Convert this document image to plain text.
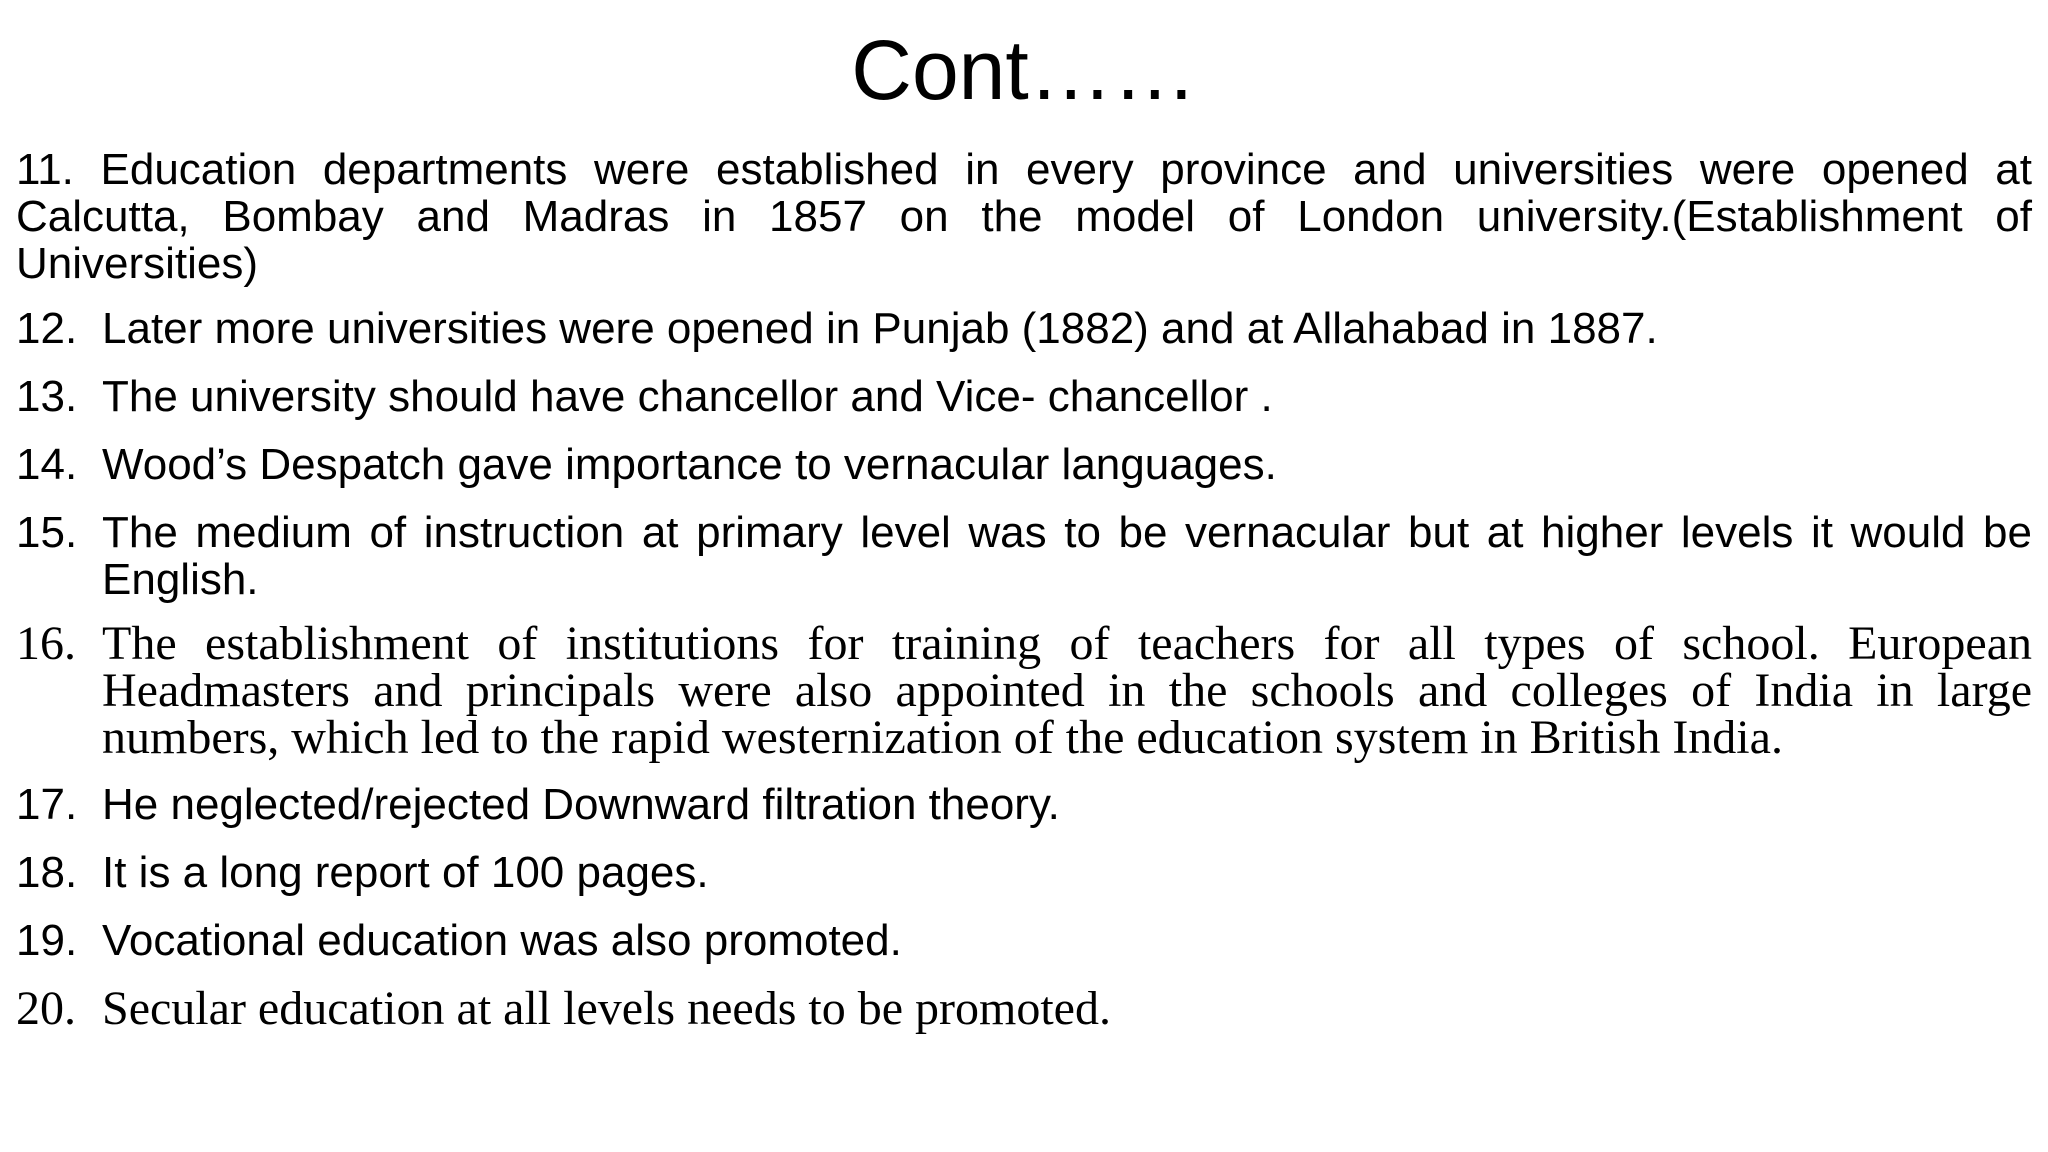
Cont……
11. Education departments were established in every province and universities were opened at Calcutta, Bombay and Madras in 1857 on the model of London university.(Establishment of Universities)
12. Later more universities were opened in Punjab (1882) and at Allahabad in 1887.
13. The university should have chancellor and Vice- chancellor .
14. Wood’s Despatch gave importance to vernacular languages.
15. The medium of instruction at primary level was to be vernacular but at higher levels it would be English.
16. The establishment of institutions for training of teachers for all types of school. European Headmasters and principals were also appointed in the schools and colleges of India in large numbers, which led to the rapid westernization of the education system in British India.
17. He neglected/rejected Downward filtration theory.
18. It is a long report of 100 pages.
19. Vocational education was also promoted.
20. Secular education at all levels needs to be promoted.
